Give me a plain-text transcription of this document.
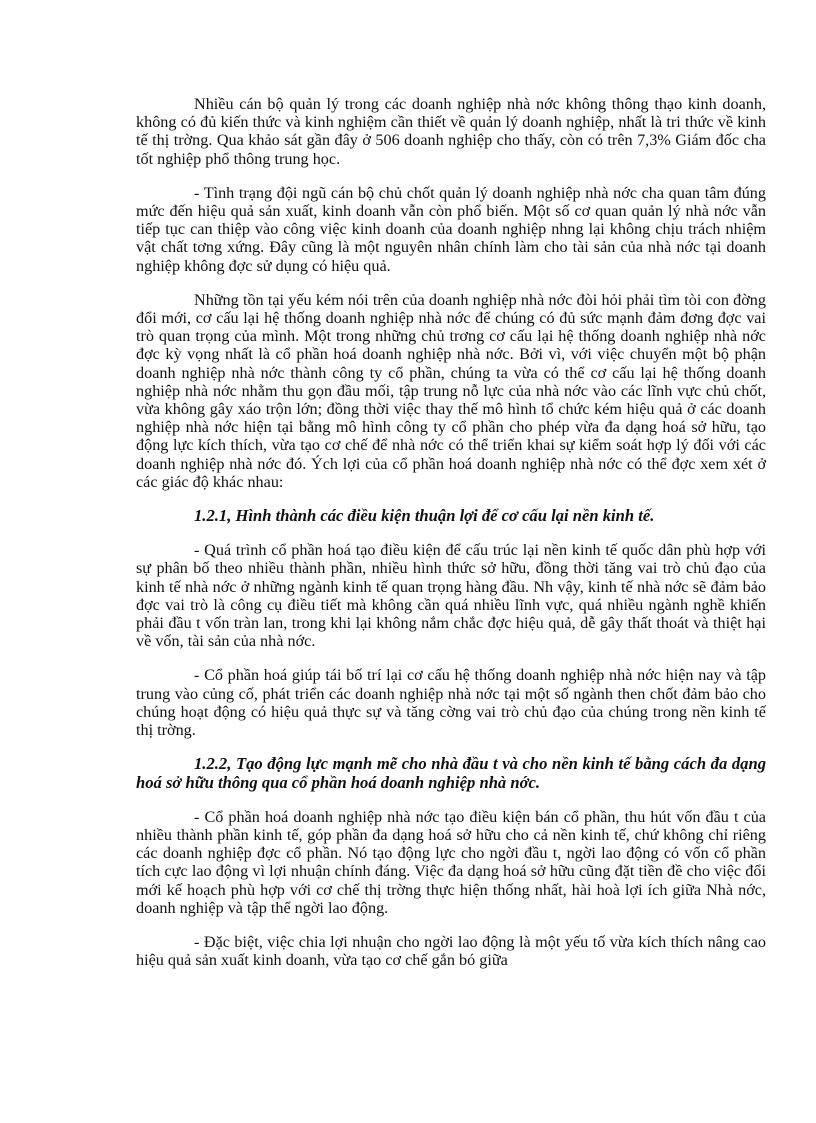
Nhiều cán bộ quản lý trong các doanh nghiệp nhà nớc không thông thạo kinh doanh, không có đủ kiến thức và kinh nghiệm cần thiết về quản lý doanh nghiệp, nhất là tri thức về kinh tế thị trờng. Qua khảo sát gần đây ở 506 doanh nghiệp cho thấy, còn có trên 7,3% Giám đốc cha tốt nghiệp phổ thông trung học.

- Tình trạng đội ngũ cán bộ chủ chốt quản lý doanh nghiệp nhà nớc cha quan tâm đúng mức đến hiệu quả sản xuất, kinh doanh vẫn còn phổ biến. Một số cơ quan quản lý nhà nớc vẫn tiếp tục can thiệp vào công việc kinh doanh của doanh nghiệp nhng lại không chịu trách nhiệm vật chất tơng xứng. Đây cũng là một nguyên nhân chính làm cho tài sản của nhà nớc tại doanh nghiệp không đợc sử dụng có hiệu quả.

Những tồn tại yếu kém nói trên của doanh nghiệp nhà nớc đòi hỏi phải tìm tòi con đờng đổi mới, cơ cấu lại hệ thống doanh nghiệp nhà nớc để chúng có đủ sức mạnh đảm đơng đợc vai trò quan trọng của mình. Một trong những chủ trơng cơ cấu lại hệ thống doanh nghiệp nhà nớc đợc kỳ vọng nhất là cổ phần hoá doanh nghiệp nhà nớc. Bởi vì, với việc chuyển một bộ phận doanh nghiệp nhà nớc thành công ty cổ phần, chúng ta vừa có thể cơ cấu lại hệ thống doanh nghiệp nhà nớc nhằm thu gọn đầu mối, tập trung nỗ lực của nhà nớc vào các lĩnh vực chủ chốt, vừa không gây xáo trộn lớn; đồng thời việc thay thế mô hình tổ chức kém hiệu quả ở các doanh nghiệp nhà nớc hiện tại bằng mô hình công ty cổ phần cho phép vừa đa dạng hoá sở hữu, tạo động lực kích thích, vừa tạo cơ chế để nhà nớc có thể triển khai sự kiểm soát hợp lý đối với các doanh nghiệp nhà nớc đó. Ých lợi của cổ phần hoá doanh nghiệp nhà nớc có thể đợc xem xét ở các giác độ khác nhau:

1.2.1, Hình thành các điều kiện thuận lợi để cơ cấu lại nền kinh tế.

- Quá trình cổ phần hoá tạo điều kiện để cấu trúc lại nền kinh tế quốc dân phù hợp với sự phân bố theo nhiều thành phần, nhiều hình thức sở hữu, đồng thời tăng vai trò chủ đạo của kinh tế nhà nớc ở những ngành kinh tế quan trọng hàng đầu. Nh vậy, kinh tế nhà nớc sẽ đảm bảo đợc vai trò là công cụ điều tiết mà không cần quá nhiều lĩnh vực, quá nhiều ngành nghề khiến phải đầu t vốn tràn lan, trong khi lại không nắm chắc đợc hiệu quả, dễ gây thất thoát và thiệt hại về vốn, tài sản của nhà nớc.

- Cổ phần hoá giúp tái bố trí lại cơ cấu hệ thống doanh nghiệp nhà nớc hiện nay và tập trung vào củng cố, phát triển các doanh nghiệp nhà nớc tại một số ngành then chốt đảm bảo cho chúng hoạt động có hiệu quả thực sự và tăng cờng vai trò chủ đạo của chúng trong nền kinh tế thị trờng.

1.2.2, Tạo động lực mạnh mẽ cho nhà đầu t và cho nền kinh tế bằng cách đa dạng hoá sở hữu thông qua cổ phần hoá doanh nghiệp nhà nớc.

- Cổ phần hoá doanh nghiệp nhà nớc tạo điều kiện bán cổ phần, thu hút vốn đầu t của nhiều thành phần kinh tế, góp phần đa dạng hoá sở hữu cho cả nền kinh tế, chứ không chỉ riêng các doanh nghiệp đợc cổ phần. Nó tạo động lực cho ngời đầu t, ngời lao động có vốn cổ phần tích cực lao động vì lợi nhuận chính đáng. Việc đa dạng hoá sở hữu cũng đặt tiền đề cho việc đổi mới kế hoạch phù hợp với cơ chế thị trờng thực hiện thống nhất, hài hoà lợi ích giữa Nhà nớc, doanh nghiệp và tập thể ngời lao động.

- Đặc biệt, việc chia lợi nhuận cho ngời lao động là một yếu tố vừa kích thích nâng cao hiệu quả sản xuất kinh doanh, vừa tạo cơ chế gắn bó giữa
